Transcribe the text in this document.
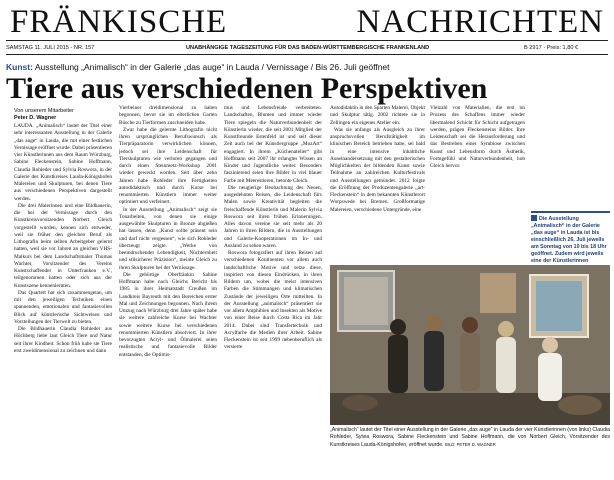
FRÄNKISCHE NACHRICHTEN
SAMSTAG 11. JULI 2015 - NR. 157	UNABHÄNGIGE TAGESZEITUNG FÜR DAS BADEN-WÜRTTEMBERGISCHE FRANKENLAND	B 2917 · Preis: 1,80 €
Kunst: Ausstellung „Animalisch“ in der Galerie „das auge“ in Lauda / Vernissage / Bis 26. Juli geöffnet
Tiere aus verschiedenen Perspektiven
Von unserem Mitarbeiter
Peter D. Wagner

LAUDA. „Animalisch“ lautet der Titel einer sehr interessanten Ausstellung in der Galerie „das auge“ in Lauda, die mit einer festlichen Vernissage eröffnet wurde. Dabei präsentieren vier Künstlerinnen aus dem Raum Würzburg, Sabine Fleckenstein, Sabine Hoffmann, Claudia Rohleder und Sylvia Roswora, in der Galerie des Kunstkreises Lauda-Königshofen Malereien und Skulpturen, bei denen Tiere aus verschiedenen Perspektiven dargestellt werden.

Die drei Malerinnen und eine Bildhauerin, die bei der Vernissage durch den Kunstkreisvorsitzenden Norbert Gleich vorgestellt wurden, kennen sich entweder, weil sie früher den gleichen Beruf als Lithografin beim selben Arbeitgeber gelernt hatten, weil sie vor Jahren an gleichen VHS-Malkurs bei dem Landschaftsmaler Thomas Wachter, Vorsitzender des Vereins Kunstschaffender in Unterfranken e.V., teilgenommen hatten oder sich aus der Kunstszene kennenlernten.

Das Quartett hat sich zusammengetan, um mit den jeweiligen Techniken einen spannenden, emotionalen und fantasievollen Blick auf künstlerische Sichtweisen und Vorstellungen der Tierwelt zu bieten.

Die Bildhauerin Claudia Rohleder aus Höchberg liebe laut Gleich Tiere und Natur seit ihrer Kindheit. Schon früh habe sie Tiere erst zweidimensional zu zeichnen und dann

Vierbeiner dreidimensional zu haben begonnen, bevor sie im elterlichen Garten Büsche zu Tierformen zuschneiden habe.

Zwar habe die gelernte Lithografin nicht ihren ursprünglichen Berufswunsch als Tierpräparatorin verwirklichen können, jedoch sei ihre Leidenschaft für Tierskulpturen wie verloren gegangen und durch einen Steinmetz-Workshop 2001 wieder geweckt worden. Seit über zehn Jahren habe Rohleder ihre Fertigkeiten autodidaktisch und durch Kurse bei renommierten Künstlern immer weiter optimiert und verfeinert.

In der Ausstellung „Animalisch“ zeigt sie Tonarbeiten, von denen sie einige ausgewählte Skulpturen in Bronze abgießen hat lassen, denn „Kunst sollte präsent sein und darf nicht vergessen“, wie sich Rohleder überzeugt zeigte. „Werke von beeindruckender Lebendigkeit, Nüchternheit und stilsicherer Präzision“, meinte Gleich zu ihren Skulpturen bei der Vernissage.

Die gebürtige Oberfränkin Sabine Hoffmann habe nach Gleichs Bericht bis 1985 in ihrer Heimatstadt Creußen im Landkreis Bayreuth mit den Bereichen erster Mal und Zeichnungen begonnen. Nach ihrem Umzug nach Würzburg drei Jahre später habe sie weitere zahlreiche Kurse bei Wachter sowie weitere Kurse bei verschiedenen renommierten Künstlern absolviert. In ihrer bevorzugten Acryl- und Ölmalerei seien realistische und fantasievolle Bilder entstanden, die Optimis-

mus und Lebensfreude verbreiteten. Landschaften, Blumen und immer wieder Tiere spiegeln die Naturverbundenheit der Künstlerin wieder, die seit 2001 Mitglied der Kunstfreunde Estenfeld ist und seit dieser Zeit auch bei der Künstlergruppe „MozArt“ engagiert. In ihrem „Küchenatelier“ gibt Hoffmann seit 2007 ihr erlangtes Wissen an Kinder und Jugendliche weiter. Besonders faszinierend seien ihre Bilder in viel blauer Farbe mit Meerestieren, betonte Gleich.

Die neugierige Beobachtung des Neuen, ausgedehnten Reisen, die Leidenschaft fürs Malen sowie Kreativität begleiten die freischaffende Künstlerin und Malerin Sylvia Roswora seit ihren frühen Erinnerungen. Alles davon vereine sie seit mehr als 20 Jahren in ihren Bildern, die in Ausstellungen und Galerie-Kooperationen im In- und Ausland zu sehen waren.

Roswora fotografiert auf ihren Reisen auf verschiedenen Kontinenten vor allem auch landschaftliche Motive und setze diese, inspiriert von diesen Eindrücken, in ihren Bildern um, wobei die meist intensiven Farben die Stimmungen und klimatischen Zustände der jeweiligen Orte mitteilten. In der Ausstellung „animalisch“ präsentiert sie vor allem Amphibien und Insekten als Motive von einer Reise durch Costa Rica im Jahr 2014. Dabei sind Transfertechnik und Acrylfarbe die Medien ihrer Arbeit. Sabine Fleckenstein ist seit 1999 nebenberuflich als versierte

Autodidaktin in den Sparten Malerei, Objekt und Skulptur tätig. 2002 richtete sie in Zellingen ein eigenes Atelier ein.

Was sie anfangs als Ausgleich zu ihrer anspruchsvollen Berufstätigkeit im klinischen Bereich betrieben habe, sei bald in eine intensive inhaltliche Auseinandersetzung mit den gestalterischen Möglichkeiten der bildenden Kunst sowie Teilnahme an zahlreichen Kulturfestivals und Ausstellungen gemündet. 2012 folgte die Eröffnung der Produzentengalerie „art-Fleckenstein“ in dem bekannten Künstlerort Worpswede bei Bremen. Großformatige Malereien, verschiedene Untergründe, eine

Vielzahl von Materialien, die erst im Prozess des Schaffens immer wieder übermalend Schicht für Schicht aufgetragen werden, prägen Fleckensteins Bilder. Ihre Leidenschaft sei die Herausforderung und das Bestreben einer Symbiose zwischen Kunst und Lebensform durch Ästhetik, Formgefühl und Naturverbundenheit, hob Gleich hervor.

Die Ausstellung „Animalisch“ in der Galerie „das auge“ in Lauda ist bis einschließlich 26. Juli jeweils am Sonntag von 10 bis 18 Uhr geöffnet. Zudem wird jeweils eine der Künstlerinnen
„Animalisch“ lautet der Titel einer Ausstellung in der Galerie „das auge“ in Lauda der vier Künstlerinnen (von links) Claudia Rohleder, Sylvia Roswora, Sabine Fleckenstein und Sabine Hoffmann, die von Norbert Gleich, Vorsitzender des Kunstkreises Lauda-Königshofen, eröffnet wurde. BILD: PETER D. WAGNER
